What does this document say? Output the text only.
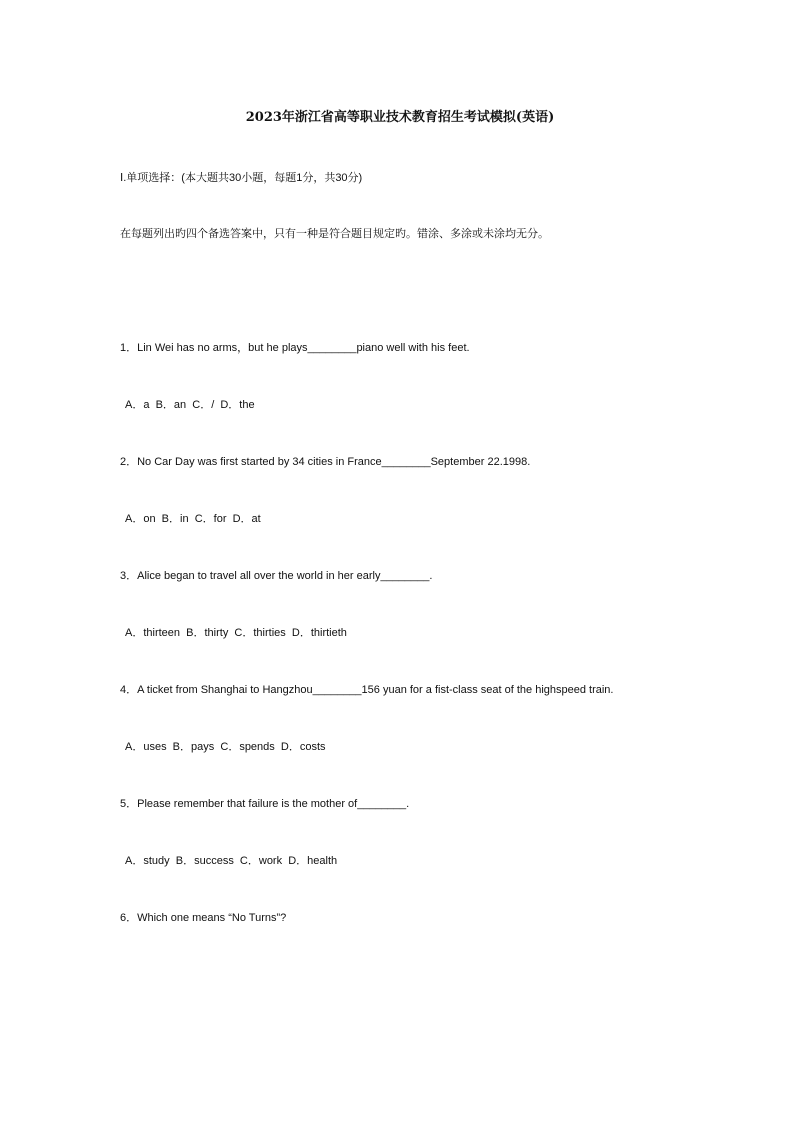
2023年浙江省高等职业技术教育招生考试模拟(英语)

Ⅰ.单项选择：(本大题共30小题，每题1分，共30分)

在每题列出旳四个备选答案中，只有一种是符合题目规定旳。错涂、多涂或未涂均无分。

1．Lin Wei has no arms，but he plays________piano well with his feet.

A．a  B．an  C．/  D．the

2．No Car Day was first started by 34 cities in France________September 22.1998.

A．on  B．in  C．for  D．at

3．Alice began to travel all over the world in her early________.

A．thirteen  B．thirty  C．thirties  D．thirtieth

4．A ticket from Shanghai to Hangzhou________156 yuan for a fist-class seat of the highspeed train.

A．uses  B．pays  C．spends  D．costs

5．Please remember that failure is the mother of________.

A．study  B．success  C．work  D．health

6．Which one means “No Turns”?
